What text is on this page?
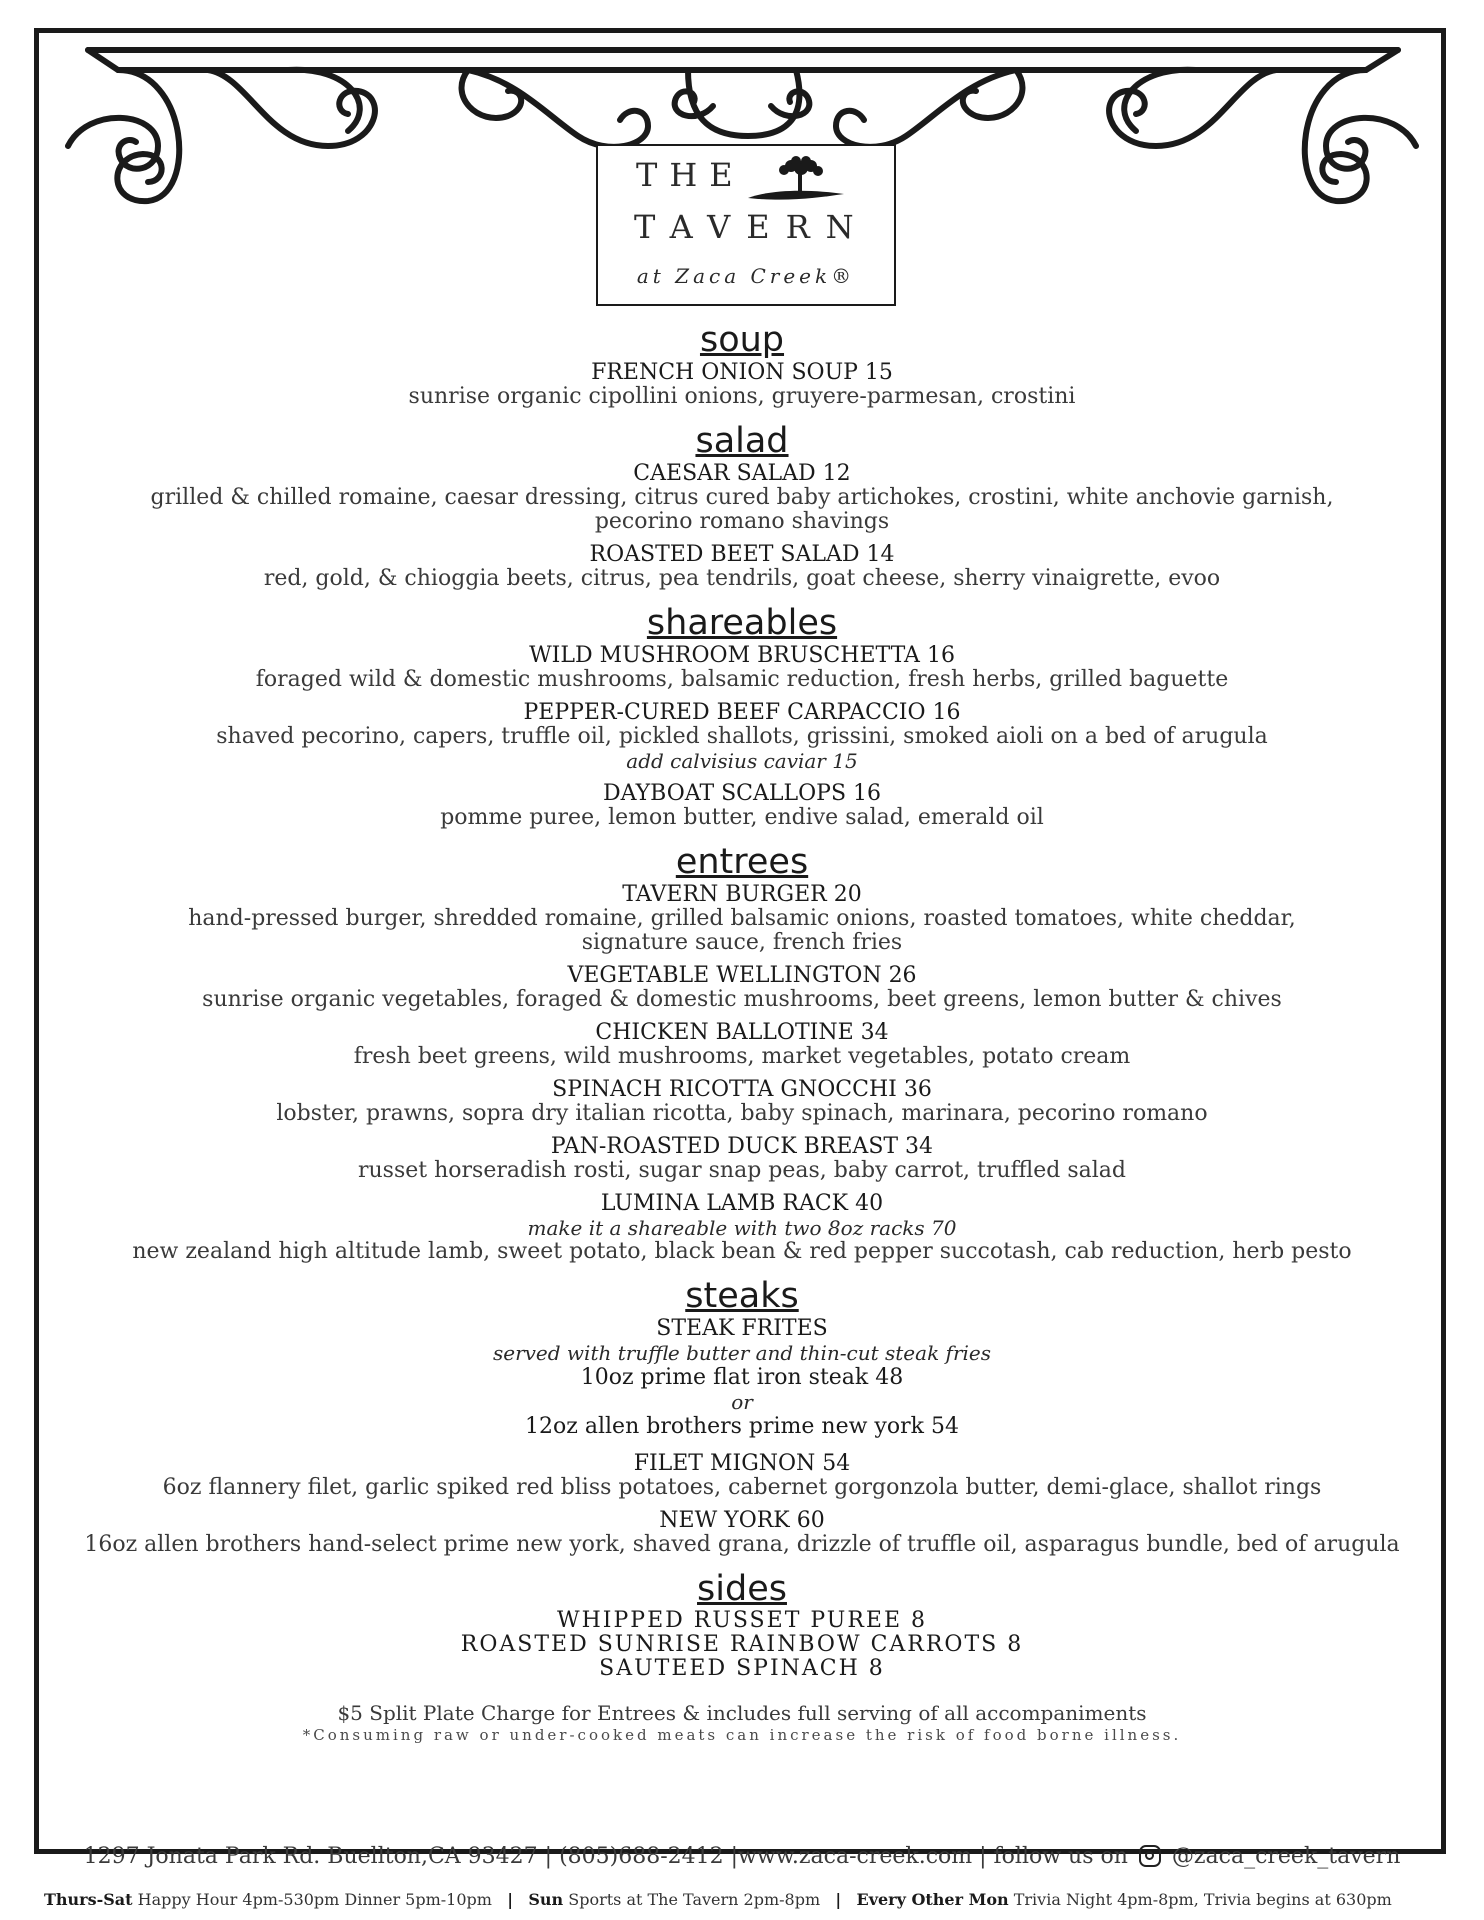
THE
TAVERN
at Zaca Creek®

soup

FRENCH ONION SOUP 15

sunrise organic cipollini onions, gruyere-parmesan, crostini

salad

CAESAR SALAD 12

grilled & chilled romaine, caesar dressing, citrus cured baby artichokes, crostini, white anchovie garnish,

pecorino romano shavings

ROASTED BEET SALAD 14

red, gold, & chioggia beets, citrus, pea tendrils, goat cheese, sherry vinaigrette, evoo

shareables

WILD MUSHROOM BRUSCHETTA 16

foraged wild & domestic mushrooms, balsamic reduction, fresh herbs, grilled baguette

PEPPER-CURED BEEF CARPACCIO 16

shaved pecorino, capers, truffle oil, pickled shallots, grissini, smoked aioli on a bed of arugula

add calvisius caviar 15

DAYBOAT SCALLOPS 16

pomme puree, lemon butter, endive salad, emerald oil

entrees

TAVERN BURGER 20

hand-pressed burger, shredded romaine, grilled balsamic onions, roasted tomatoes, white cheddar,

signature sauce, french fries

VEGETABLE WELLINGTON 26

sunrise organic vegetables, foraged & domestic mushrooms, beet greens, lemon butter & chives

CHICKEN BALLOTINE 34

fresh beet greens, wild mushrooms, market vegetables, potato cream

SPINACH RICOTTA GNOCCHI 36

lobster, prawns, sopra dry italian ricotta, baby spinach, marinara, pecorino romano

PAN-ROASTED DUCK BREAST 34

russet horseradish rosti, sugar snap peas, baby carrot, truffled salad

LUMINA LAMB RACK 40

make it a shareable with two 8oz racks 70

new zealand high altitude lamb, sweet potato, black bean & red pepper succotash, cab reduction, herb pesto

steaks

STEAK FRITES

served with truffle butter and thin-cut steak fries

10oz prime flat iron steak 48

or

12oz allen brothers prime new york 54

FILET MIGNON 54

6oz flannery filet, garlic spiked red bliss potatoes, cabernet gorgonzola butter, demi-glace, shallot rings

NEW YORK 60

16oz allen brothers hand-select prime new york, shaved grana, drizzle of truffle oil, asparagus bundle, bed of arugula

sides

WHIPPED RUSSET PUREE 8

ROASTED SUNRISE RAINBOW CARROTS 8

SAUTEED SPINACH 8

$5 Split Plate Charge for Entrees & includes full serving of all accompaniments

*Consuming raw or under-cooked meats can increase the risk of food borne illness.

1297 Jonata Park Rd. Buellton,CA 93427 | (805)688-2412 |www.zaca-creek.com | follow us on @zaca_creek_tavern
Thurs-Sat Happy Hour 4pm-530pm Dinner 5pm-10pm | Sun Sports at The Tavern 2pm-8pm | Every Other Mon Trivia Night 4pm-8pm, Trivia begins at 630pm
